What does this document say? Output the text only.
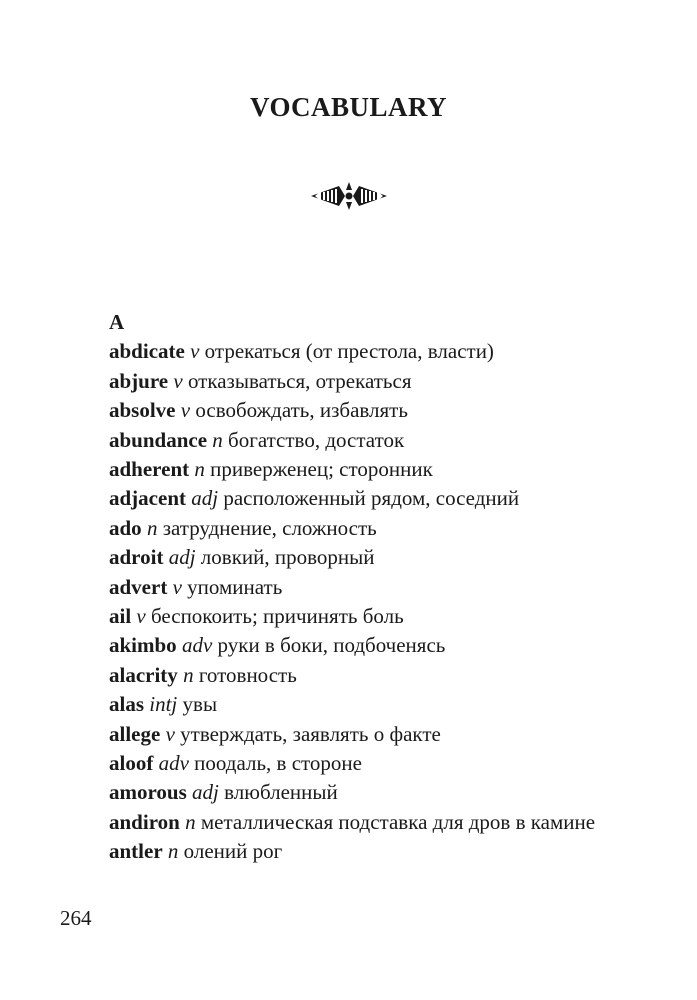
VOCABULARY
A
abdicate v отрекаться (от престола, власти)
abjure v отказываться, отрекаться
absolve v освобождать, избавлять
abundance n богатство, достаток
adherent n приверженец; сторонник
adjacent adj расположенный рядом, соседний
ado n затруднение, сложность
adroit adj ловкий, проворный
advert v упоминать
ail v беспокоить; причинять боль
akimbo adv руки в боки, подбоченясь
alacrity n готовность
alas intj увы
allege v утверждать, заявлять о факте
aloof adv поодаль, в стороне
amorous adj влюбленный
andiron n металлическая подставка для дров в камине
antler n олений рог
264
